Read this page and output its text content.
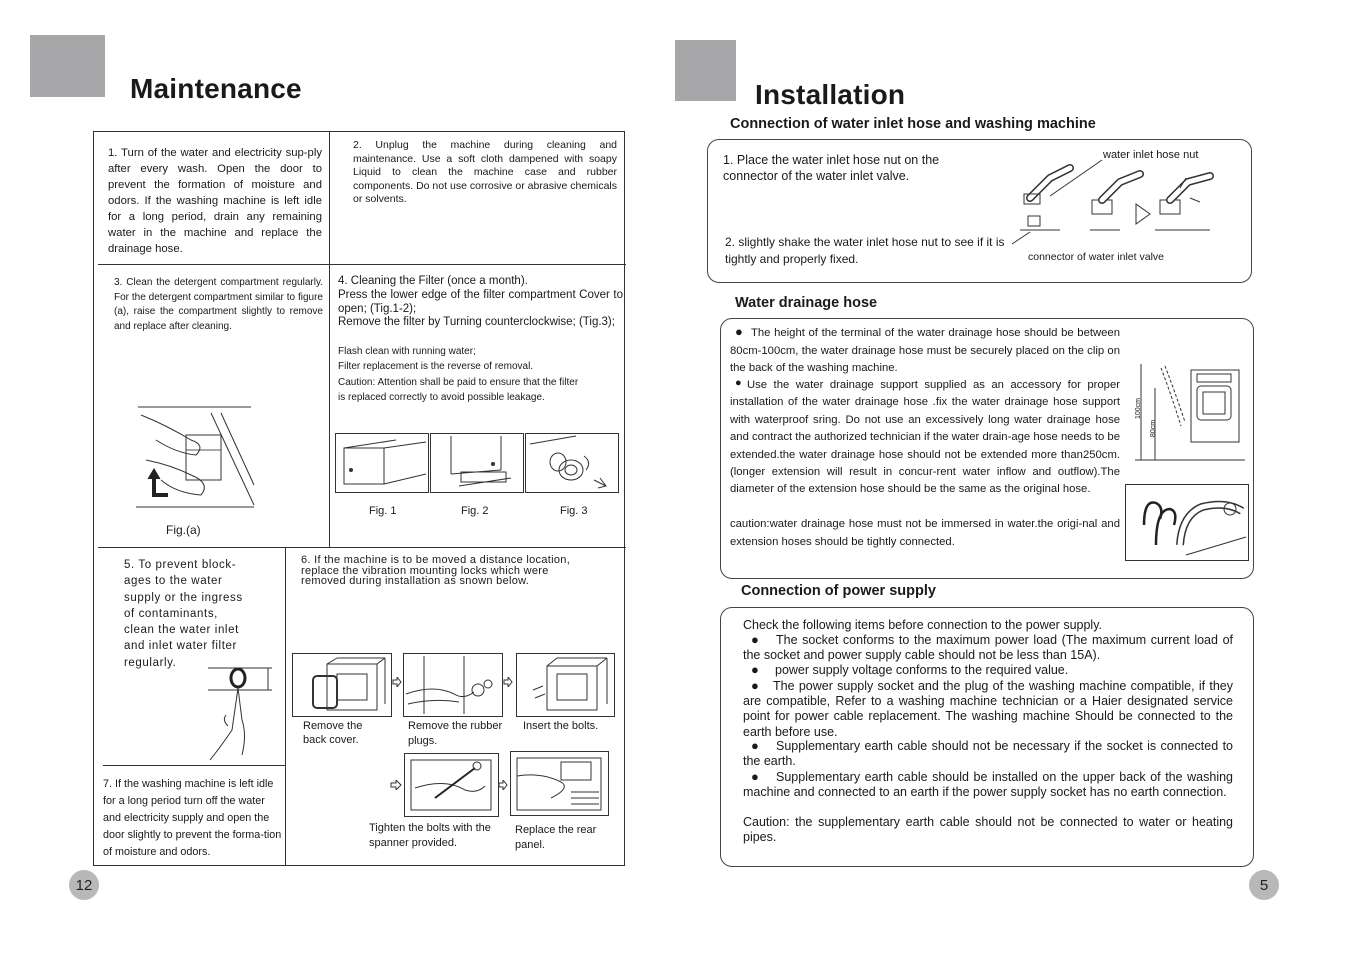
Maintenance

1. Turn of the water and electricity sup-ply after every wash. Open the door to prevent the formation of moisture and odors. If the washing machine is left idle for a long period, drain any remaining water in the machine and replace the drainage hose.

2. Unplug the machine during cleaning and maintenance. Use a soft cloth dampened with soapy Liquid to clean the machine case and rubber components. Do not use corrosive or abrasive chemicals or solvents.

3. Clean the detergent compartment regularly. For the detergent compartment similar to figure (a), raise the compartment slightly to remove and replace after cleaning.

Fig.(a)

4. Cleaning the Filter (once a month).

Press the lower edge of the filter compartment Cover to open; (Tig.1-2);

Remove the filter by Turning counterclockwise; (Tig.3);

Flash clean with running water;

Filter replacement is the reverse of removal.

Caution: Attention shall be paid to ensure that the filter is replaced correctly to avoid possible leakage.

Fig. 1	Fig. 2	Fig. 3

5. To prevent block-ages to the water supply or the ingress of contaminants, clean the water inlet and inlet water filter regularly.

6. If the machine is to be moved a distance location, replace the vibration mounting locks which were removed during installation as snown below.

Remove the back cover.

Remove the rubber plugs.

Insert the bolts.

Tighten the bolts with the spanner provided.

Replace the rear panel.

7. If the washing machine is left idle for a long period turn off the water and electricity supply and open the door slightly to prevent the forma-tion of moisture and odors.

12
Installation
Connection of water inlet hose and washing machine

1. Place the water inlet hose nut on the connector of the water inlet valve.

2. slightly shake the water inlet hose nut to see if it is tightly and properly fixed.

water inlet hose nut

connector of water inlet valve

Water drainage hose
● The height of the terminal of the water drainage hose should be between 80cm-100cm, the water drainage hose must be securely placed on the clip on the back of the washing machine.

● Use the water drainage support supplied as an accessory for proper installation of the water drainage hose .fix the water drainage hose support with waterproof sring. Do not use an excessively long water drainage hose and contract the authorized technician if the water drain-age hose needs to be extended.the water drainage hose should not be extended more than250cm.(longer extension will result in concur-rent water inflow and outflow).The diameter of the extension hose should be the same as the original hose.

caution:water drainage hose must not be immersed in water.the origi-nal and extension hoses should be tightly connected.

100cm

80cm

Connection of power supply

Check the following items before connection to the power supply.

●	The socket conforms to the maximum power load (The maximum current load of the socket and power supply cable should not be less than 15A).

● power supply voltage conforms to the required value.

●	The power supply socket and the plug of the washing machine compatible, if they are compatible, Refer to a washing machine technician or a Haier designated service point for power cable replacement. The washing machine Should be connected to the earth before use.

●	Supplementary earth cable should not be necessary if the socket is connected to the earth.

●	Supplementary earth cable should be installed on the upper back of the washing machine and connected to an earth if the power supply socket has no earth connection.

Caution: the supplementary earth cable should not be connected to water or heating pipes.

5
